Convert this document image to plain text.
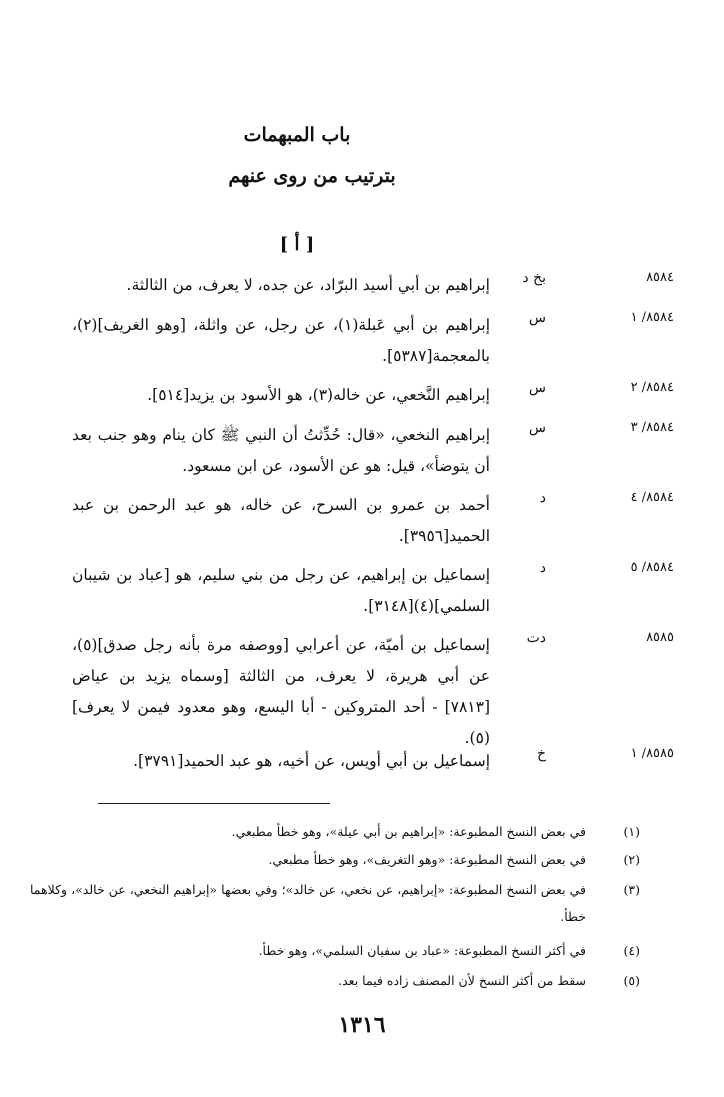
باب المبهمات
بترتيب من روى عنهم
[ أ ]
٨٥٨٤
بخ د
إبراهيم بن أبي أسيد البرّاد، عن جده، لا يعرف، من الثالثة.
٨٥٨٤/ ١
س
إبراهيم بن أبي عَبلة(١)، عن رجل، عن واثلة، [وهو الغريف](٢)، بالمعجمة[٥٣٨٧].
٨٥٨٤/ ٢
س
إبراهيم النَّخعي، عن خاله(٣)، هو الأسود بن يزيد[٥١٤].
٨٥٨٤/ ٣
س
إبراهيم النخعي، «قال: حُدِّثتُ أن النبي ﷺ كان ينام وهو جنب بعد أن يتوضأ»، قيل: هو عن الأسود، عن ابن مسعود.
٨٥٨٤/ ٤
د
أحمد بن عمرو بن السرح، عن خاله، هو عبد الرحمن بن عبد الحميد[٣٩٥٦].
٨٥٨٤/ ٥
د
إسماعيل بن إبراهيم، عن رجل من بني سليم، هو [عباد بن شيبان السلمي](٤)[٣١٤٨].
٨٥٨٥
دت
إسماعيل بن أميّة، عن أعرابي [ووصفه مرة بأنه رجل صدق](٥)، عن أبي هريرة، لا يعرف، من الثالثة [وسماه يزيد بن عياض [٧٨١٣] - أحد المتروكين - أبا اليسع، وهو معدود فيمن لا يعرف](٥).
٨٥٨٥/ ١
خ
إسماعيل بن أبي أويس، عن أخيه، هو عبد الحميد[٣٧٩١].
(١)
في بعض النسخ المطبوعة: «إبراهيم بن أبي عيلة»، وهو خطأ مطبعي.
(٢)
في بعض النسخ المطبوعة: «وهو التغريف»، وهو خطأ مطبعي.
(٣)
في بعض النسخ المطبوعة: «إبراهيم، عن نخعي، عن خالد»؛ وفي بعضها «إبراهيم النخعي، عن خالد»، وكلاهما خطأ.
(٤)
في أكثر النسخ المطبوعة: «عباد بن سفيان السلمي»، وهو خطأ.
(٥)
سقط من أكثر النسخ لأن المصنف زاده فيما بعد.
١٣١٦
